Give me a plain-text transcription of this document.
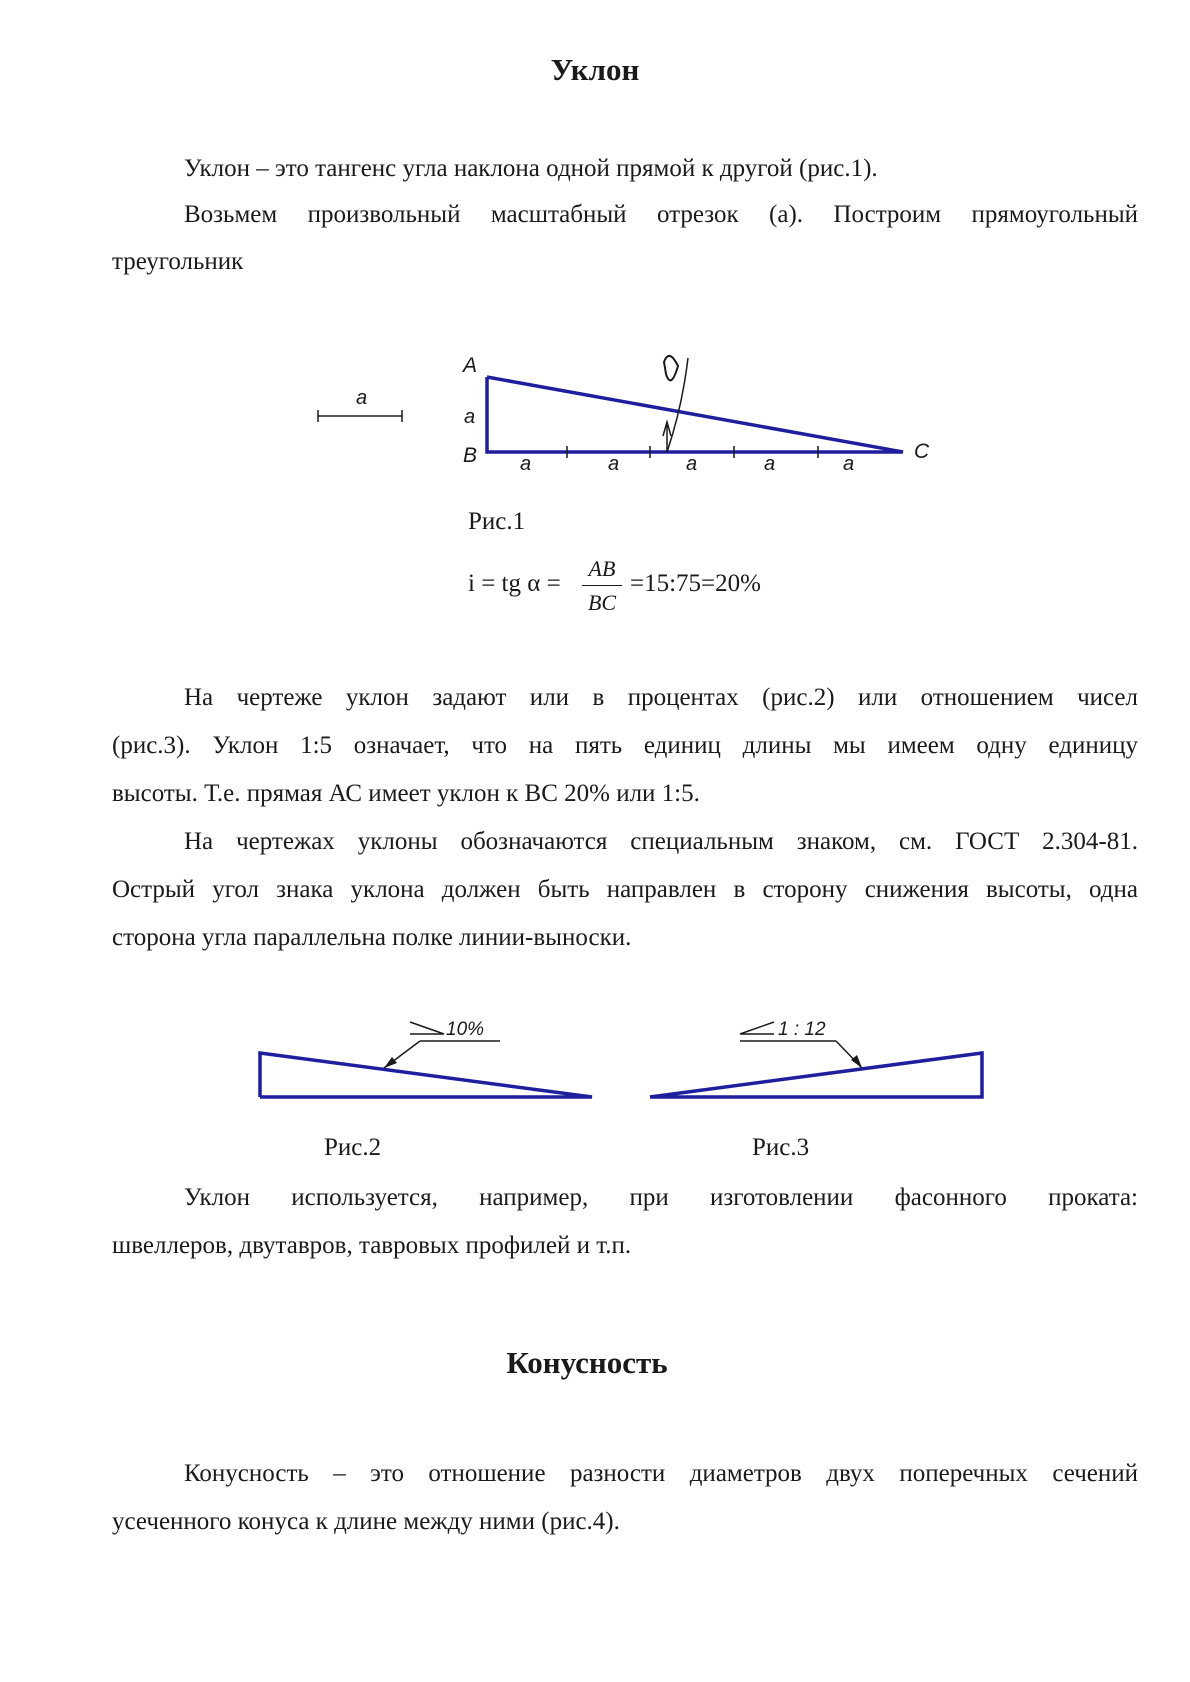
Уклон
Уклон – это тангенс угла наклона одной прямой к другой (рис.1).
Возьмем произвольный масштабный отрезок (а). Построим прямоугольный
треугольник
a
A
B	C
a
a	a	a	a	a
Рис.1
i = tg α =
AB
BC
=15:75=20%
На чертеже уклон задают или в процентах (рис.2) или отношением чисел
(рис.3). Уклон 1:5 означает, что на пять единиц длины мы имеем одну единицу
высоты. Т.е. прямая АС имеет уклон к ВС 20% или 1:5.
На чертежах уклоны обозначаются специальным знаком, см. ГОСТ 2.304-81.
Острый угол знака уклона должен быть направлен в сторону снижения высоты, одна
сторона угла параллельна полке линии-выноски.
10%	1 : 12
Рис.2	Рис.3
Уклон используется, например, при изготовлении фасонного проката:
швеллеров, двутавров, тавровых профилей и т.п.
Конусность
Конусность – это отношение разности диаметров двух поперечных сечений
усеченного конуса к длине между ними (рис.4).
